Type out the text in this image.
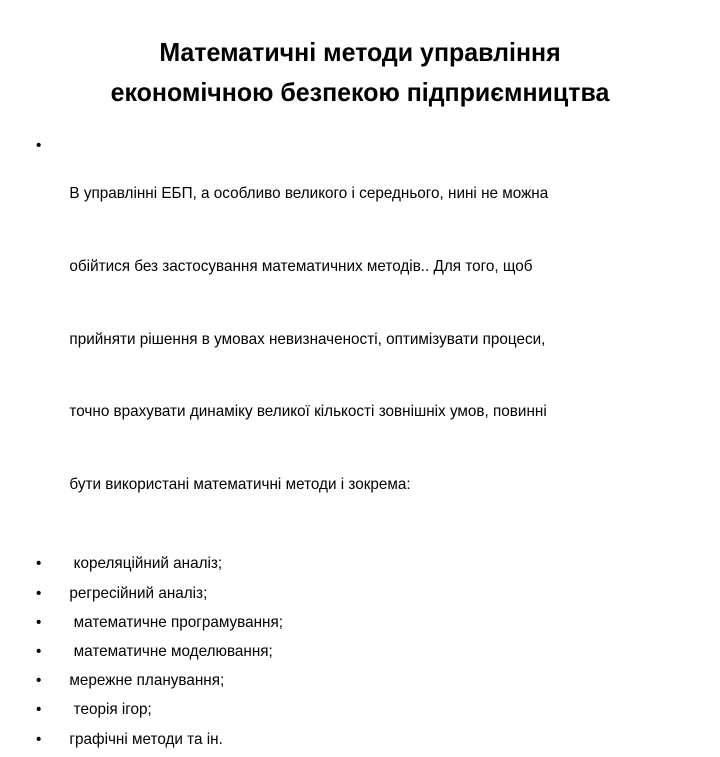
Математичні методи управління
економічною безпекою підприємництва
•

В управлінні ЕБП, а особливо великого і середнього, нині не можна

обійтися без застосування математичних методів.. Для того, щоб

прийняти рішення в умовах невизначеності, оптимізувати процеси,

точно врахувати динаміку великої кількості зовнішніх умов, повинні

бути використані математичні методи і зокрема:

•	кореляційний аналіз;
•	регресійний аналіз;
•	математичне програмування;
•	математичне моделювання;
•	мережне планування;
•	теорія ігор;
•	графічні методи та ін.
